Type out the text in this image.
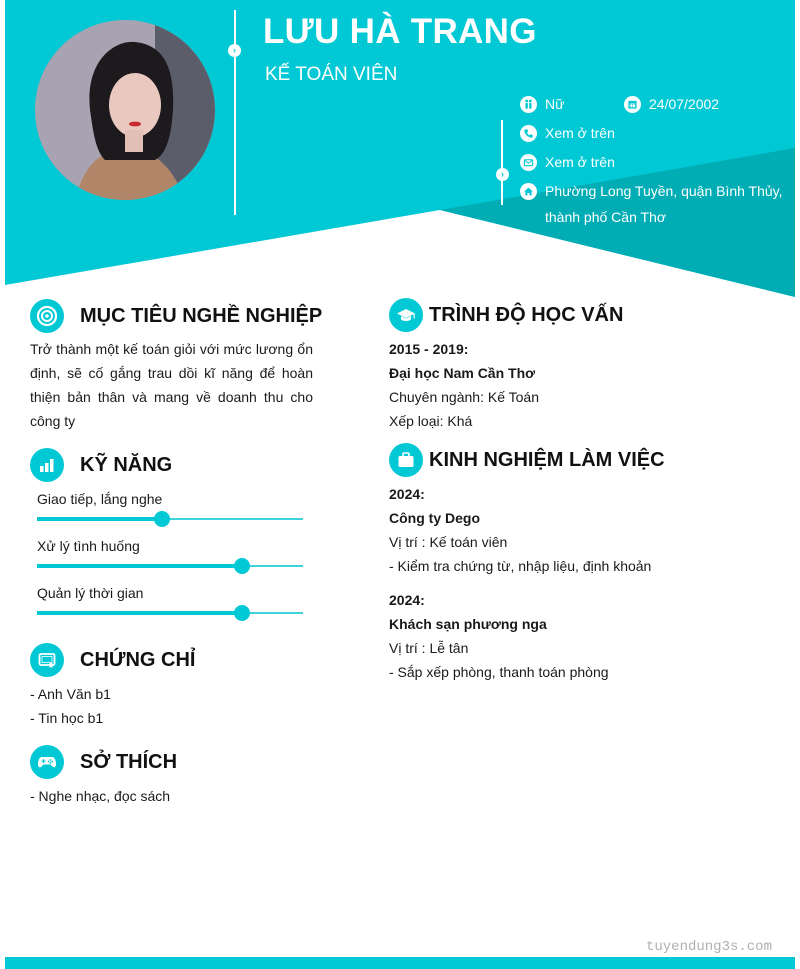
› LƯU HÀ TRANG
KẾ TOÁN VIÊN
›
Nữ	24/07/2002
Xem ở trên
Xem ở trên
Phường Long Tuyền, quận Bình Thủy,
thành phố Cần Thơ
MỤC TIÊU NGHỀ NGHIỆP
Trở thành một kế toán giỏi với mức lương ổn định, sẽ cố gắng trau dồi kĩ năng để hoàn thiện bản thân và mang về doanh thu cho công ty
KỸ NĂNG
Giao tiếp, lắng nghe
Xử lý tình huống
Quản lý thời gian
CHỨNG CHỈ
- Anh Văn b1
- Tin học b1
SỞ THÍCH
- Nghe nhạc, đọc sách
TRÌNH ĐỘ HỌC VẤN
2015 - 2019:
Đại học Nam Cần Thơ
Chuyên ngành: Kế Toán
Xếp loại: Khá
KINH NGHIỆM LÀM VIỆC
2024:
Công ty Dego
Vị trí : Kế toán viên
- Kiểm tra chứng từ, nhập liệu, định khoản
2024:
Khách sạn phương nga
Vị trí : Lễ tân
- Sắp xếp phòng, thanh toán phòng
tuyendung3s.com
